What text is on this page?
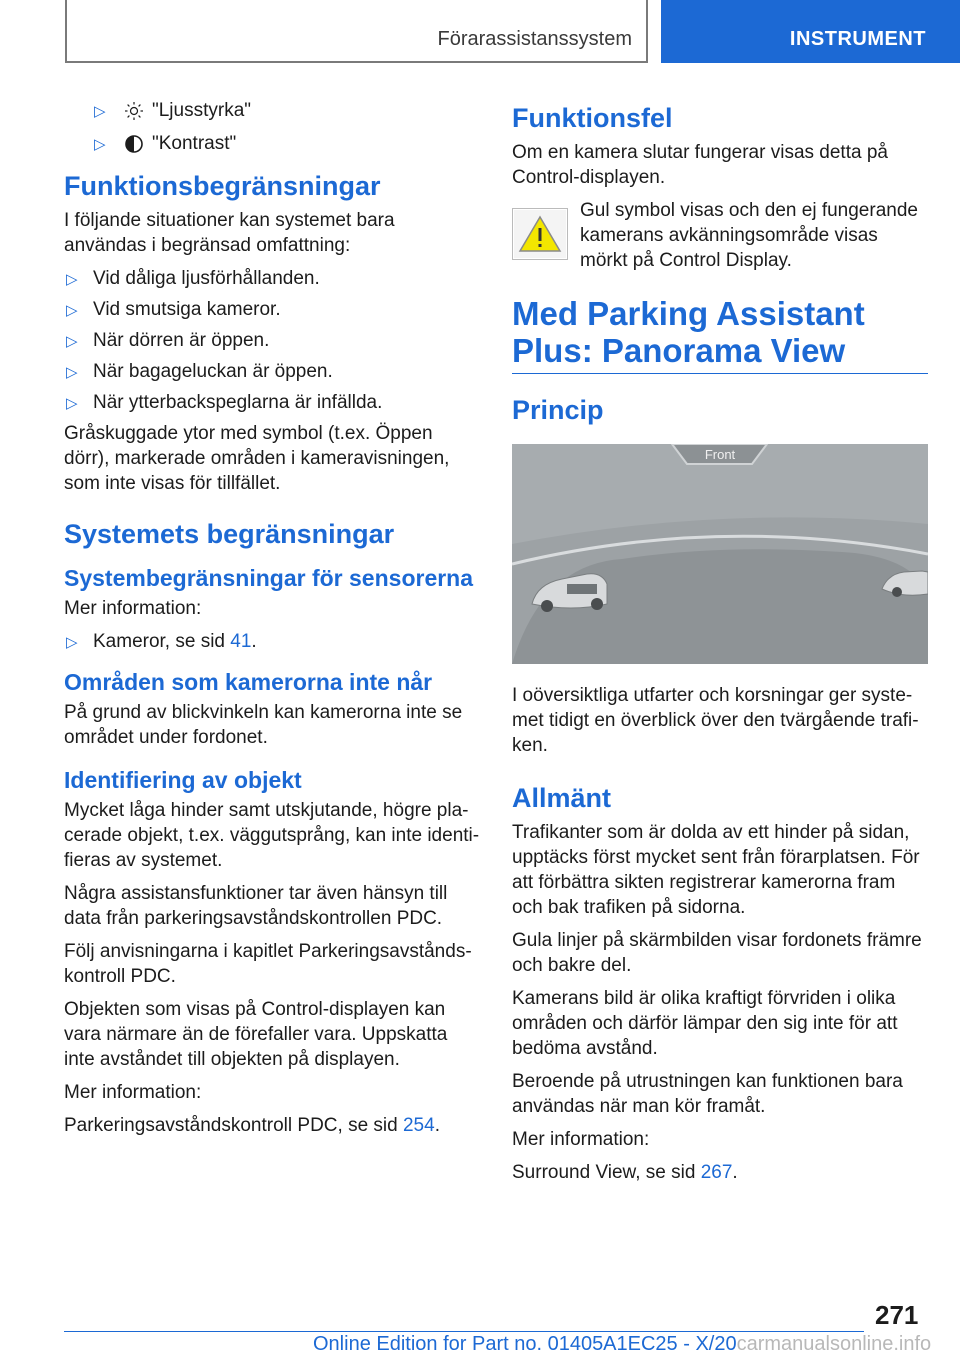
Förarassistanssystem	INSTRUMENT
▷ "Ljusstyrka"
▷ "Kontrast"
Funktionsbegränsningar

I följande situationer kan systemet bara användas i begränsad omfattning:

▷ Vid dåliga ljusförhållanden.
▷ Vid smutsiga kameror.
▷ När dörren är öppen.
▷ När bagageluckan är öppen.
▷ När ytterbackspeglarna är infällda.

Gråskuggade ytor med symbol (t.ex. Öppen dörr), markerade områden i kameravisningen, som inte visas för tillfället.

Systemets begränsningar
Systembegränsningar för sensorerna

Mer information:

▷ Kameror, se sid 41.
Områden som kamerorna inte når

På grund av blickvinkeln kan kamerorna inte se området under fordonet.

Identifiering av objekt

Mycket låga hinder samt utskjutande, högre placerade objekt, t.ex. väggutsprång, kan inte identifieras av systemet.

Några assistansfunktioner tar även hänsyn till data från parkeringsavståndskontrollen PDC.

Följ anvisningarna i kapitlet Parkeringsavståndskontroll PDC.

Objekten som visas på Control-displayen kan vara närmare än de förefaller vara. Uppskatta inte avståndet till objekten på displayen.

Mer information:

Parkeringsavståndskontroll PDC, se sid 254.

Funktionsfel

Om en kamera slutar fungerar visas detta på Control-displayen.

Gul symbol visas och den ej fungerande kamerans avkänningsområde visas mörkt på Control Display.
Med Parking Assistant Plus: Panorama View
Princip
Front

I oöversiktliga utfarter och korsningar ger systemet tidigt en överblick över den tvärgående trafiken.

Allmänt

Trafikanter som är dolda av ett hinder på sidan, upptäcks först mycket sent från förarplatsen. För att förbättra sikten registrerar kamerorna fram och bak trafiken på sidorna.

Gula linjer på skärmbilden visar fordonets främre och bakre del.

Kamerans bild är olika kraftigt förvriden i olika områden och därför lämpar den sig inte för att bedöma avstånd.

Beroende på utrustningen kan funktionen bara användas när man kör framåt.

Mer information:

Surround View, se sid 267.

271
Online Edition for Part no. 01405A1EC25 - X/20carmanualsonline.info
